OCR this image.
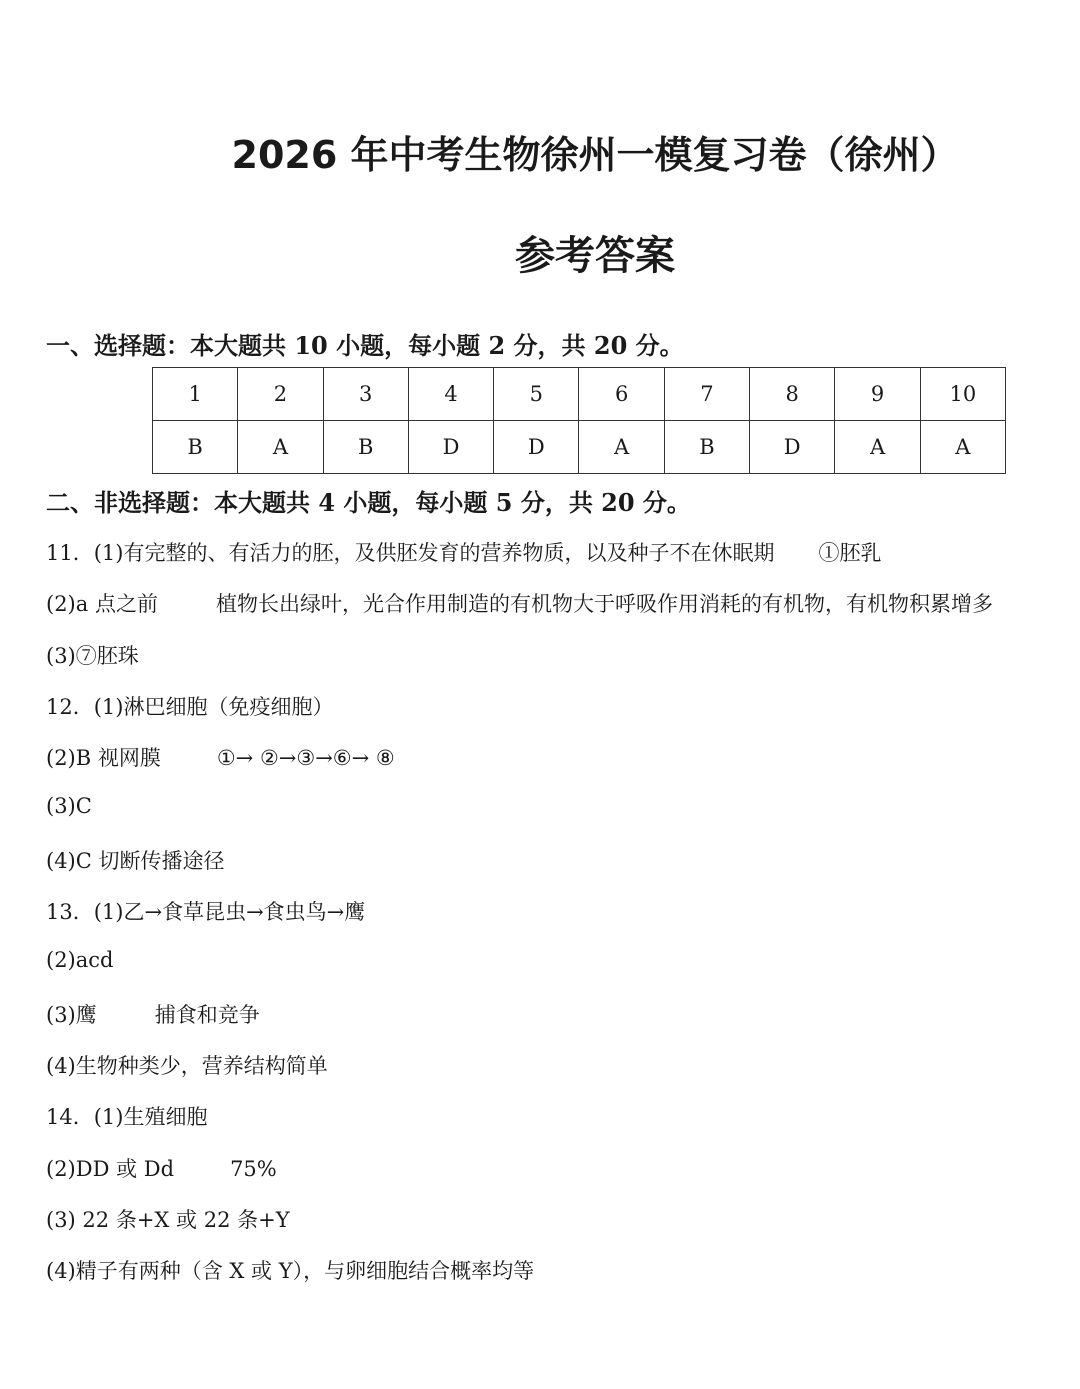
2026 年中考生物徐州一模复习卷（徐州）
参考答案
一、选择题：本大题共 10 小题，每小题 2 分，共 20 分。
1	2	3	4	5	6	7	8	9	10
B	A	B	D	D	A	B	D	A	A
二、非选择题：本大题共 4 小题，每小题 5 分，共 20 分。
11．(1)有完整的、有活力的胚，及供胚发育的营养物质，以及种子不在休眠期 ①胚乳
(2)a 点之前	植物长出绿叶，光合作用制造的有机物大于呼吸作用消耗的有机物，有机物积累增多
(3)⑦胚珠
12．(1)淋巴细胞（免疫细胞）
(2)B 视网膜	①→ ②→③→⑥→ ⑧
(3)C
(4)C 切断传播途径
13．(1)乙→食草昆虫→食虫鸟→鹰
(2)acd
(3)鹰	捕食和竞争
(4)生物种类少，营养结构简单
14．(1)生殖细胞
(2)DD 或 Dd	75%
(3) 22 条+X 或 22 条+Y
(4)精子有两种（含 X 或 Y），与卵细胞结合概率均等
